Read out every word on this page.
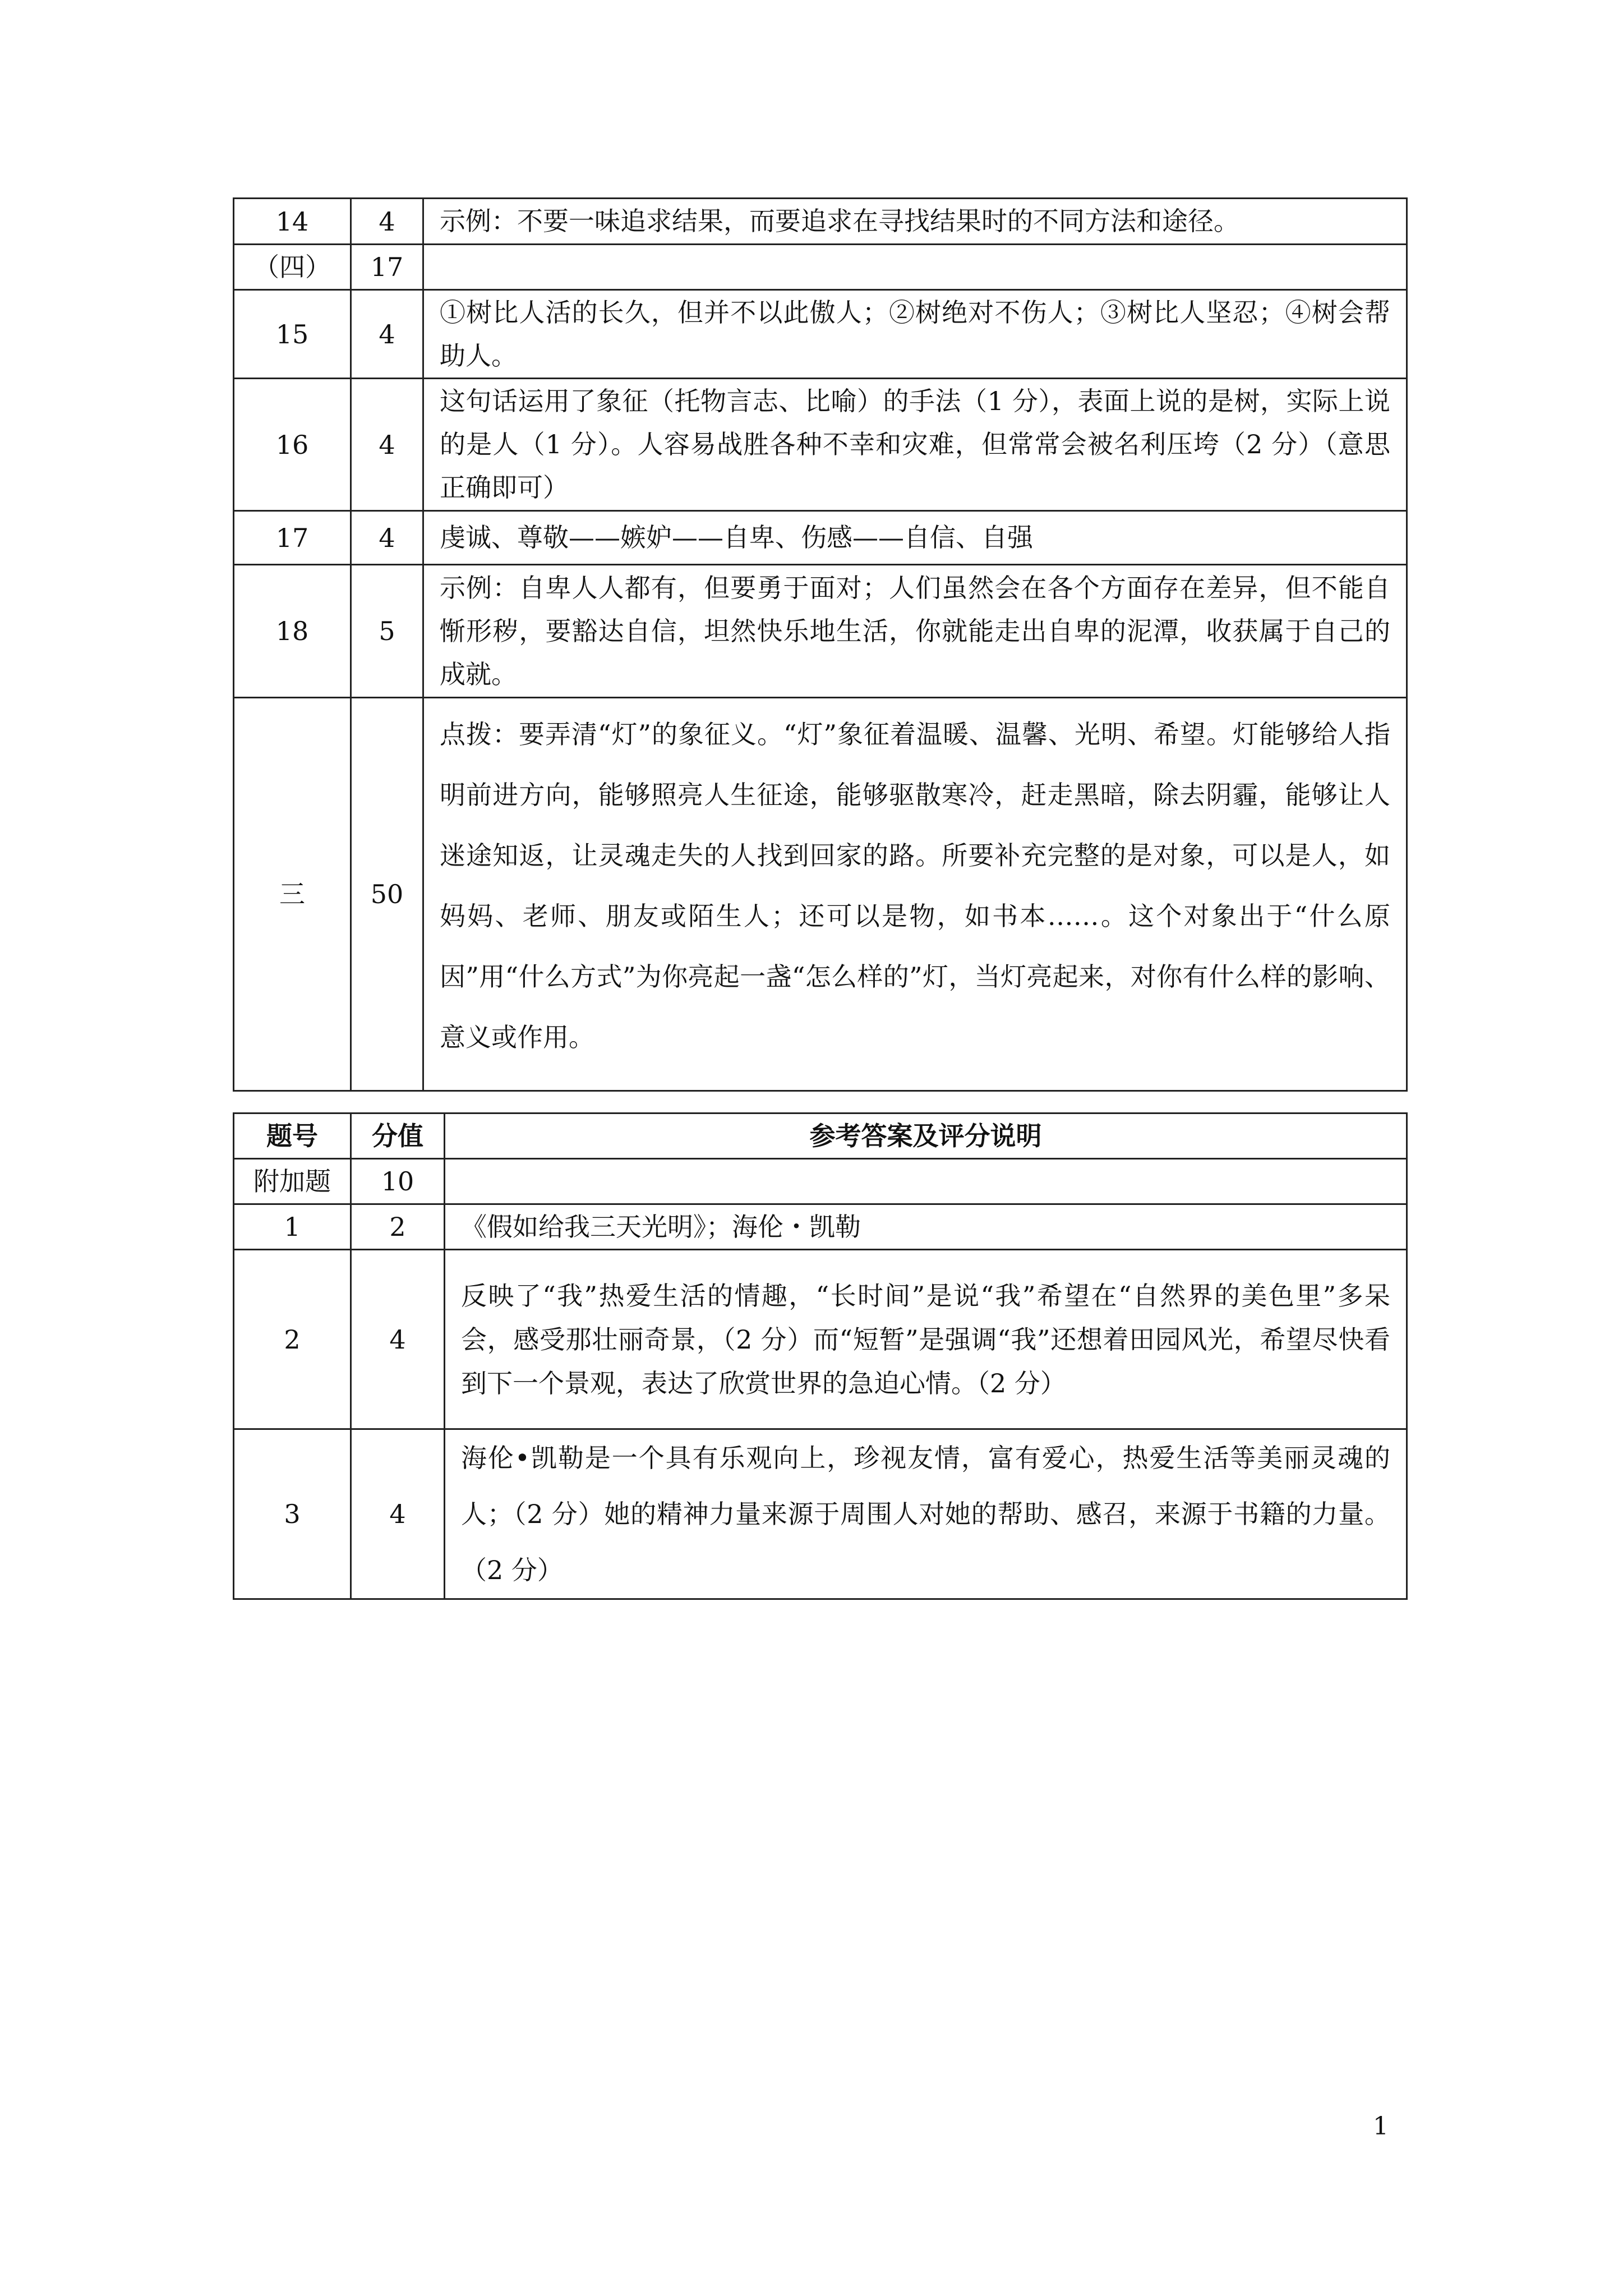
14	4	示例：不要一味追求结果，而要追求在寻找结果时的不同方法和途径。
（四）	17	
15	4	①树比人活的长久，但并不以此傲人；②树绝对不伤人；③树比人坚忍；④树会帮助人。
16	4	这句话运用了象征（托物言志、比喻）的手法（1 分），表面上说的是树，实际上说的是人（1 分）。人容易战胜各种不幸和灾难，但常常会被名利压垮（2 分）（意思正确即可）
17	4	虔诚、尊敬——嫉妒——自卑、伤感——自信、自强
18	5	示例：自卑人人都有，但要勇于面对；人们虽然会在各个方面存在差异，但不能自惭形秽，要豁达自信，坦然快乐地生活，你就能走出自卑的泥潭，收获属于自己的成就。
三	50	点拨：要弄清“灯”的象征义。“灯”象征着温暖、温馨、光明、希望。灯能够给人指明前进方向，能够照亮人生征途，能够驱散寒冷，赶走黑暗，除去阴霾，能够让人迷途知返，让灵魂走失的人找到回家的路。所要补充完整的是对象，可以是人，如妈妈、老师、朋友或陌生人；还可以是物，如书本……。这个对象出于“什么原因”用“什么方式”为你亮起一盏“怎么样的”灯，当灯亮起来，对你有什么样的影响、意义或作用。
题号	分值	参考答案及评分说明
附加题	10	
1	2	《假如给我三天光明》；海伦・凯勒
2	4	反映了“我”热爱生活的情趣，“长时间”是说“我”希望在“自然界的美色里”多呆会，感受那壮丽奇景，（2 分）而“短暂”是强调“我”还想着田园风光，希望尽快看到下一个景观，表达了欣赏世界的急迫心情。（2 分）
3	4	海伦•凯勒是一个具有乐观向上，珍视友情，富有爱心，热爱生活等美丽灵魂的人；（2 分）她的精神力量来源于周围人对她的帮助、感召，来源于书籍的力量。（2 分）
1
